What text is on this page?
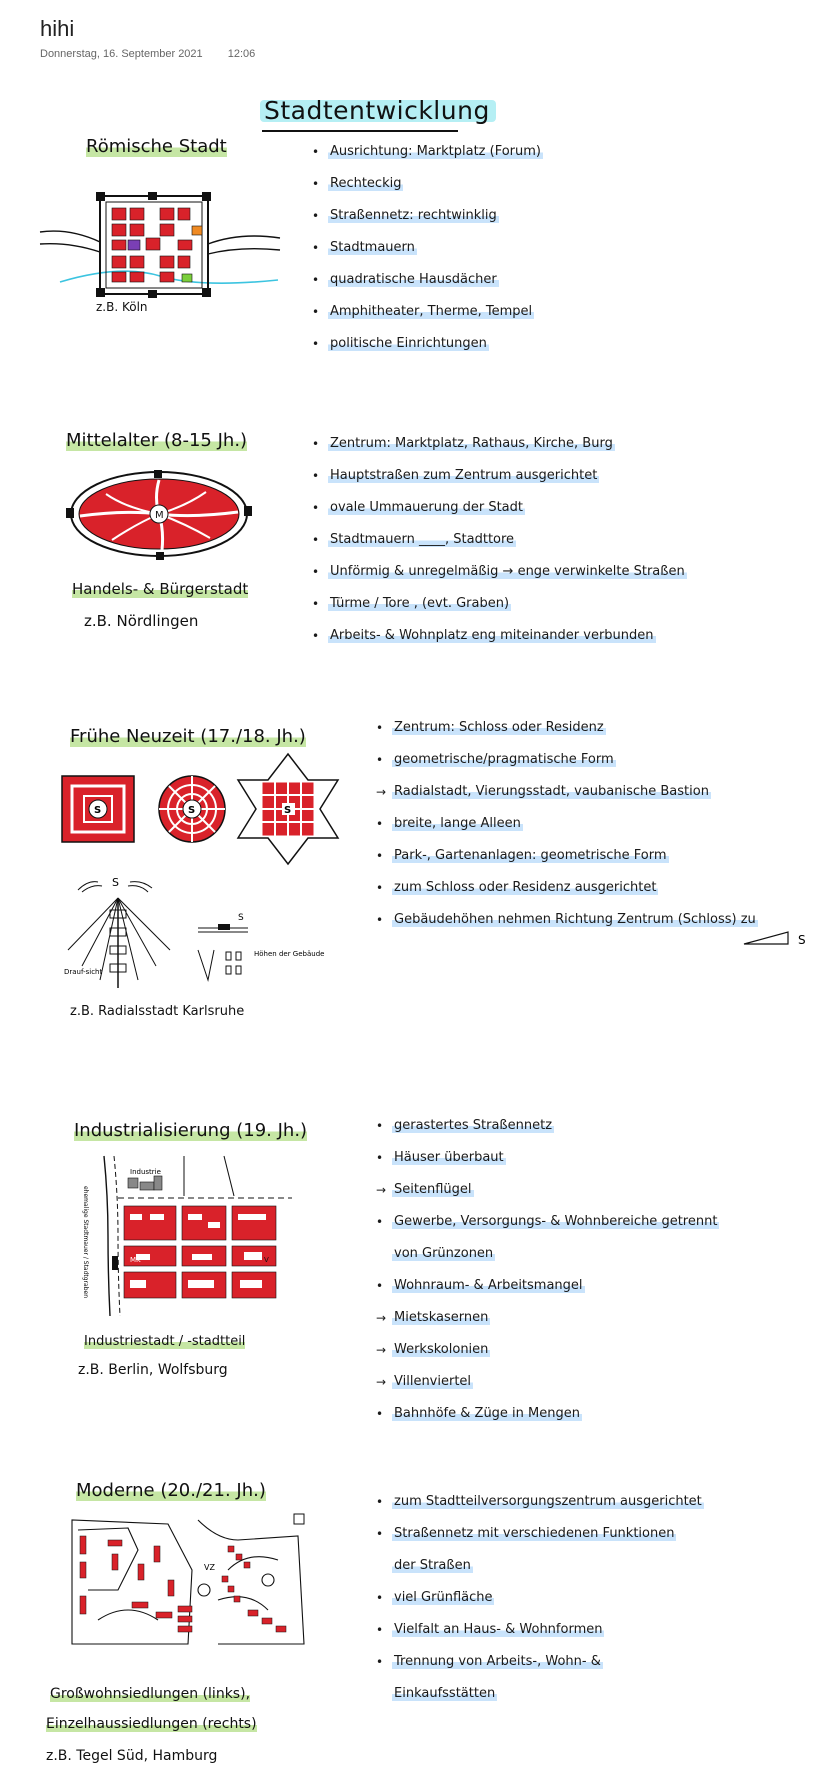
hihi
Donnerstag, 16. September 2021 12:06
Stadtentwicklung
Römische Stadt
z.B. Köln
• Ausrichtung: Marktplatz (Forum)
• Rechteckig
• Straßennetz: rechtwinklig
• Stadtmauern
• quadratische Hausdächer
• Amphitheater, Therme, Tempel
• politische Einrichtungen
Mittelalter (8-15 Jh.)
M
Handels- & Bürgerstadt
z.B. Nördlingen
• Zentrum: Marktplatz, Rathaus, Kirche, Burg
• Hauptstraßen zum Zentrum ausgerichtet
• ovale Ummauerung der Stadt
• Stadtmauern ____, Stadttore
• Unförmig & unregelmäßig → enge verwinkelte Straßen
• Türme / Tore , (evt. Graben)
• Arbeits- & Wohnplatz eng miteinander verbunden
Frühe Neuzeit (17./18. Jh.)
S	S	S
S
Drauf-sicht
S
Höhen der Gebäude
z.B. Radialsstadt Karlsruhe
• Zentrum: Schloss oder Residenz
• geometrische/pragmatische Form
→ Radialstadt, Vierungsstadt, vaubanische Bastion
• breite, lange Alleen
• Park-, Gartenanlagen: geometrische Form
• zum Schloss oder Residenz ausgerichtet
• Gebäudehöhen nehmen Richtung Zentrum (Schloss) zu
S
Industrialisierung (19. Jh.)
ehemalige Stadtmauer / Stadtgraben
Industrie
MK	V
Industriestadt / -stadtteil
z.B. Berlin, Wolfsburg
• gerastertes Straßennetz
• Häuser überbaut
→ Seitenflügel
• Gewerbe, Versorgungs- & Wohnbereiche getrennt
von Grünzonen
• Wohnraum- & Arbeitsmangel
→ Mietskasernen
→ Werkskolonien
→ Villenviertel
• Bahnhöfe & Züge in Mengen
Moderne (20./21. Jh.)
VZ
Großwohnsiedlungen (links),
Einzelhaussiedlungen (rechts)
z.B. Tegel Süd, Hamburg
• zum Stadtteilversorgungszentrum ausgerichtet
• Straßennetz mit verschiedenen Funktionen
der Straßen
• viel Grünfläche
• Vielfalt an Haus- & Wohnformen
• Trennung von Arbeits-, Wohn- &
Einkaufsstätten
